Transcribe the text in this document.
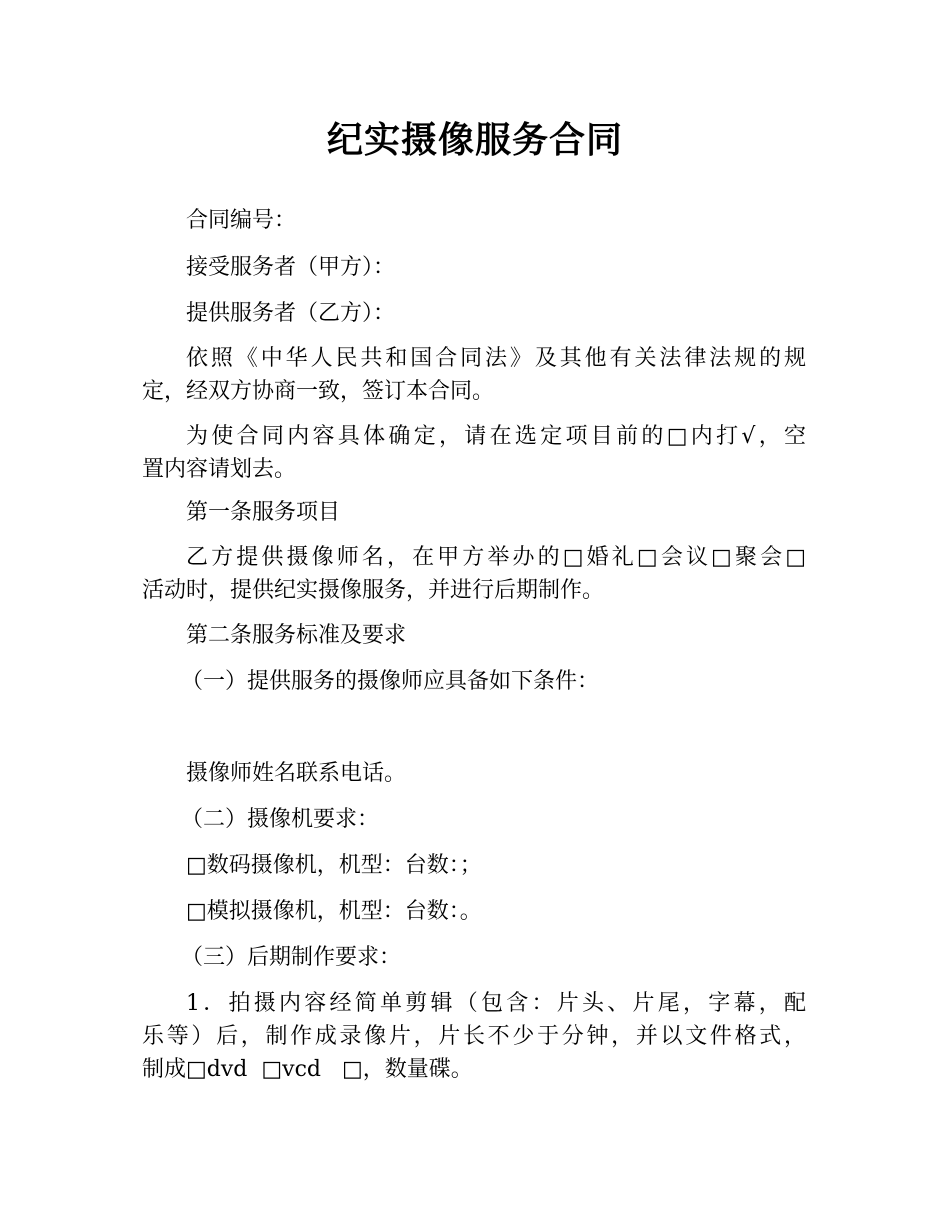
纪实摄像服务合同
合同编号：
接受服务者（甲方）：
提供服务者（乙方）：
依照《中华人民共和国合同法》及其他有关法律法规的规
定，经双方协商一致，签订本合同。
为使合同内容具体确定，请在选定项目前的□内打√，空
置内容请划去。
第一条服务项目
乙方提供摄像师名，在甲方举办的□婚礼□会议□聚会□
活动时，提供纪实摄像服务，并进行后期制作。
第二条服务标准及要求
（一）提供服务的摄像师应具备如下条件：
摄像师姓名联系电话。
（二）摄像机要求：
□数码摄像机，机型：台数：；
□模拟摄像机，机型：台数：。
（三）后期制作要求：
1．拍摄内容经简单剪辑（包含：片头、片尾，字幕，配
乐等）后，制作成录像片，片长不少于分钟，并以文件格式，
制成□dvd  □vcd   □，数量碟。
